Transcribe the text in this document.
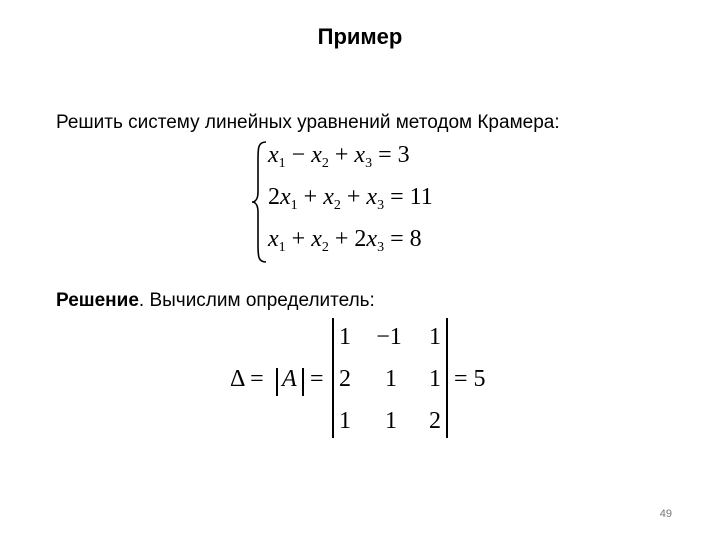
Пример
Решить систему линейных уравнений методом Крамера:
$x_1 - x_2 + x_3 = 3$
$2x_1 + x_2 + x_3 = 11$
$x_1 + x_2 + 2x_3 = 8$
Решение. Вычислим определитель:
Δ = A =
1	−1	1
2	1	1
1	1	2
= 5
49
